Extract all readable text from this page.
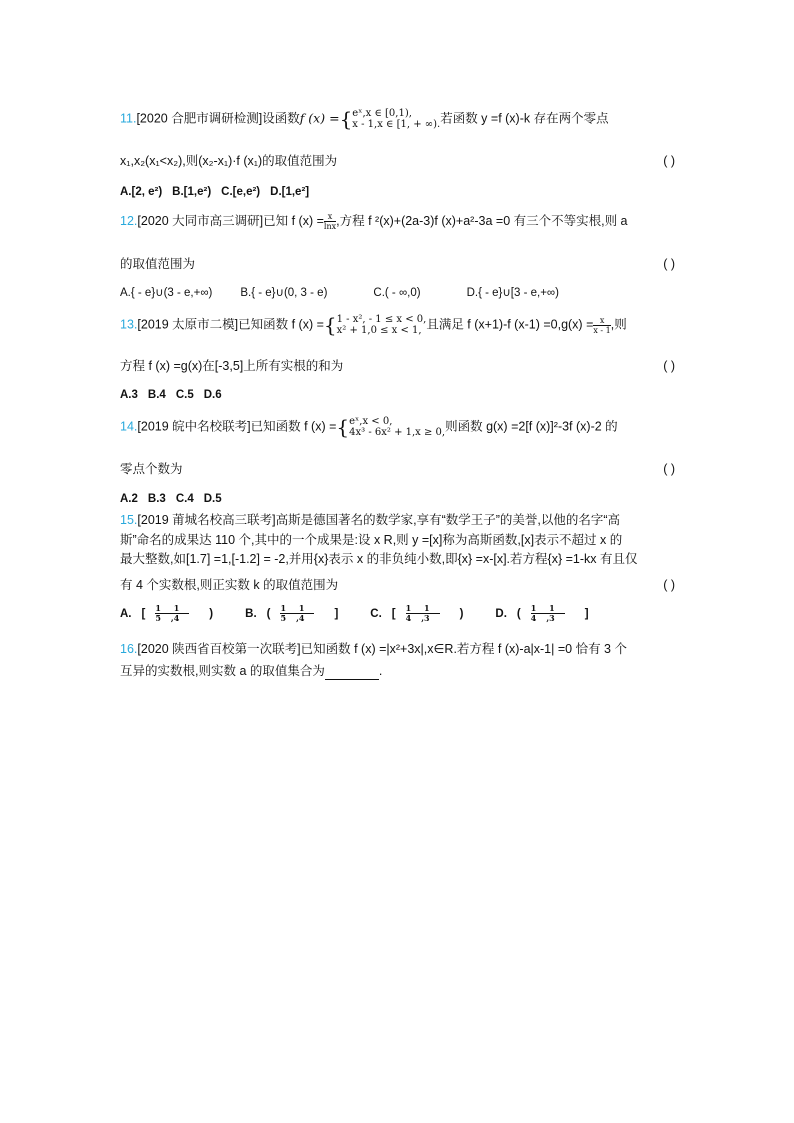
11.[2020 合肥市调研检测]设函数f (x) ={ eˣ,x ∈ [0,1),
x - 1,x ∈ [1, + ∞). 若函数 y =f (x)-k 存在两个零点
x₁,x₂(x₁<x₂),则(x₂-x₁)·f (x₁)的取值范围为	( )
A.[2, e²) B.[1,e²) C.[e,e²) D.[1,e²]
12.[2020 大同市高三调研]已知 f $(x) = \frac{x}{\ln x}$ ,方程 f ²(x)+(2a-3)f (x)+a²-3a =0 有三个不等实根,则 a
的取值范围为	( )
A.{ - e}∪(3 - e,+∞) B.{ - e}∪(0, 3 - e)	C.( - ∞,0)	D.{ - e}∪[3 - e,+∞)
13.[2019 太原市二模]已知函数 f (x) ={ 1 - x², - 1 ≤ x < 0,
x² + 1,0 ≤ x < 1, 且满足 f (x+1)-f $(x-1) =0,g(x) = \frac{x}{x - 1}$ ,则
方程 f (x) =g(x)在[-3,5]上所有实根的和为	( )
A.3 B.4 C.5 D.6
14.[2019 皖中名校联考]已知函数 f (x) ={ eˣ,x < 0,
4x³ - 6x² + 1,x ≥ 0, 则函数 g(x) =2[f (x)]²-3f (x)-2 的
零点个数为	( )
A.2 B.3 C.4 D.5
15.[2019 莆城名校高三联考]高斯是德国著名的数学家,享有“数学王子”的美誉,以他的名字“高
斯”命名的成果达 110 个,其中的一个成果是:设 x R,则 y =[x]称为高斯函数,[x]表示不超过 x 的
最大整数,如[1.7] =1,[-1.2] = -2,并用{x}表示 x 的非负纯小数,即{x} =x-[x].若方程{x} =1-kx 有且仅
有 4 个实数根,则正实数 k 的取值范围为	( )
A. [ $\frac{1 1}{5 ,4}$ )	B. ( $\frac{1 1}{5 ,4}$ ]	C. [ $\frac{1 1}{4 ,3}$ )	D. ( $\frac{1 1}{4 ,3}$ ]
16.[2020 陕西省百校第一次联考]已知函数 f (x) =|x²+3x|,x∈R.若方程 f (x)-a|x-1| =0 恰有 3 个
互异的实数根,则实数 a 的取值集合为	.
